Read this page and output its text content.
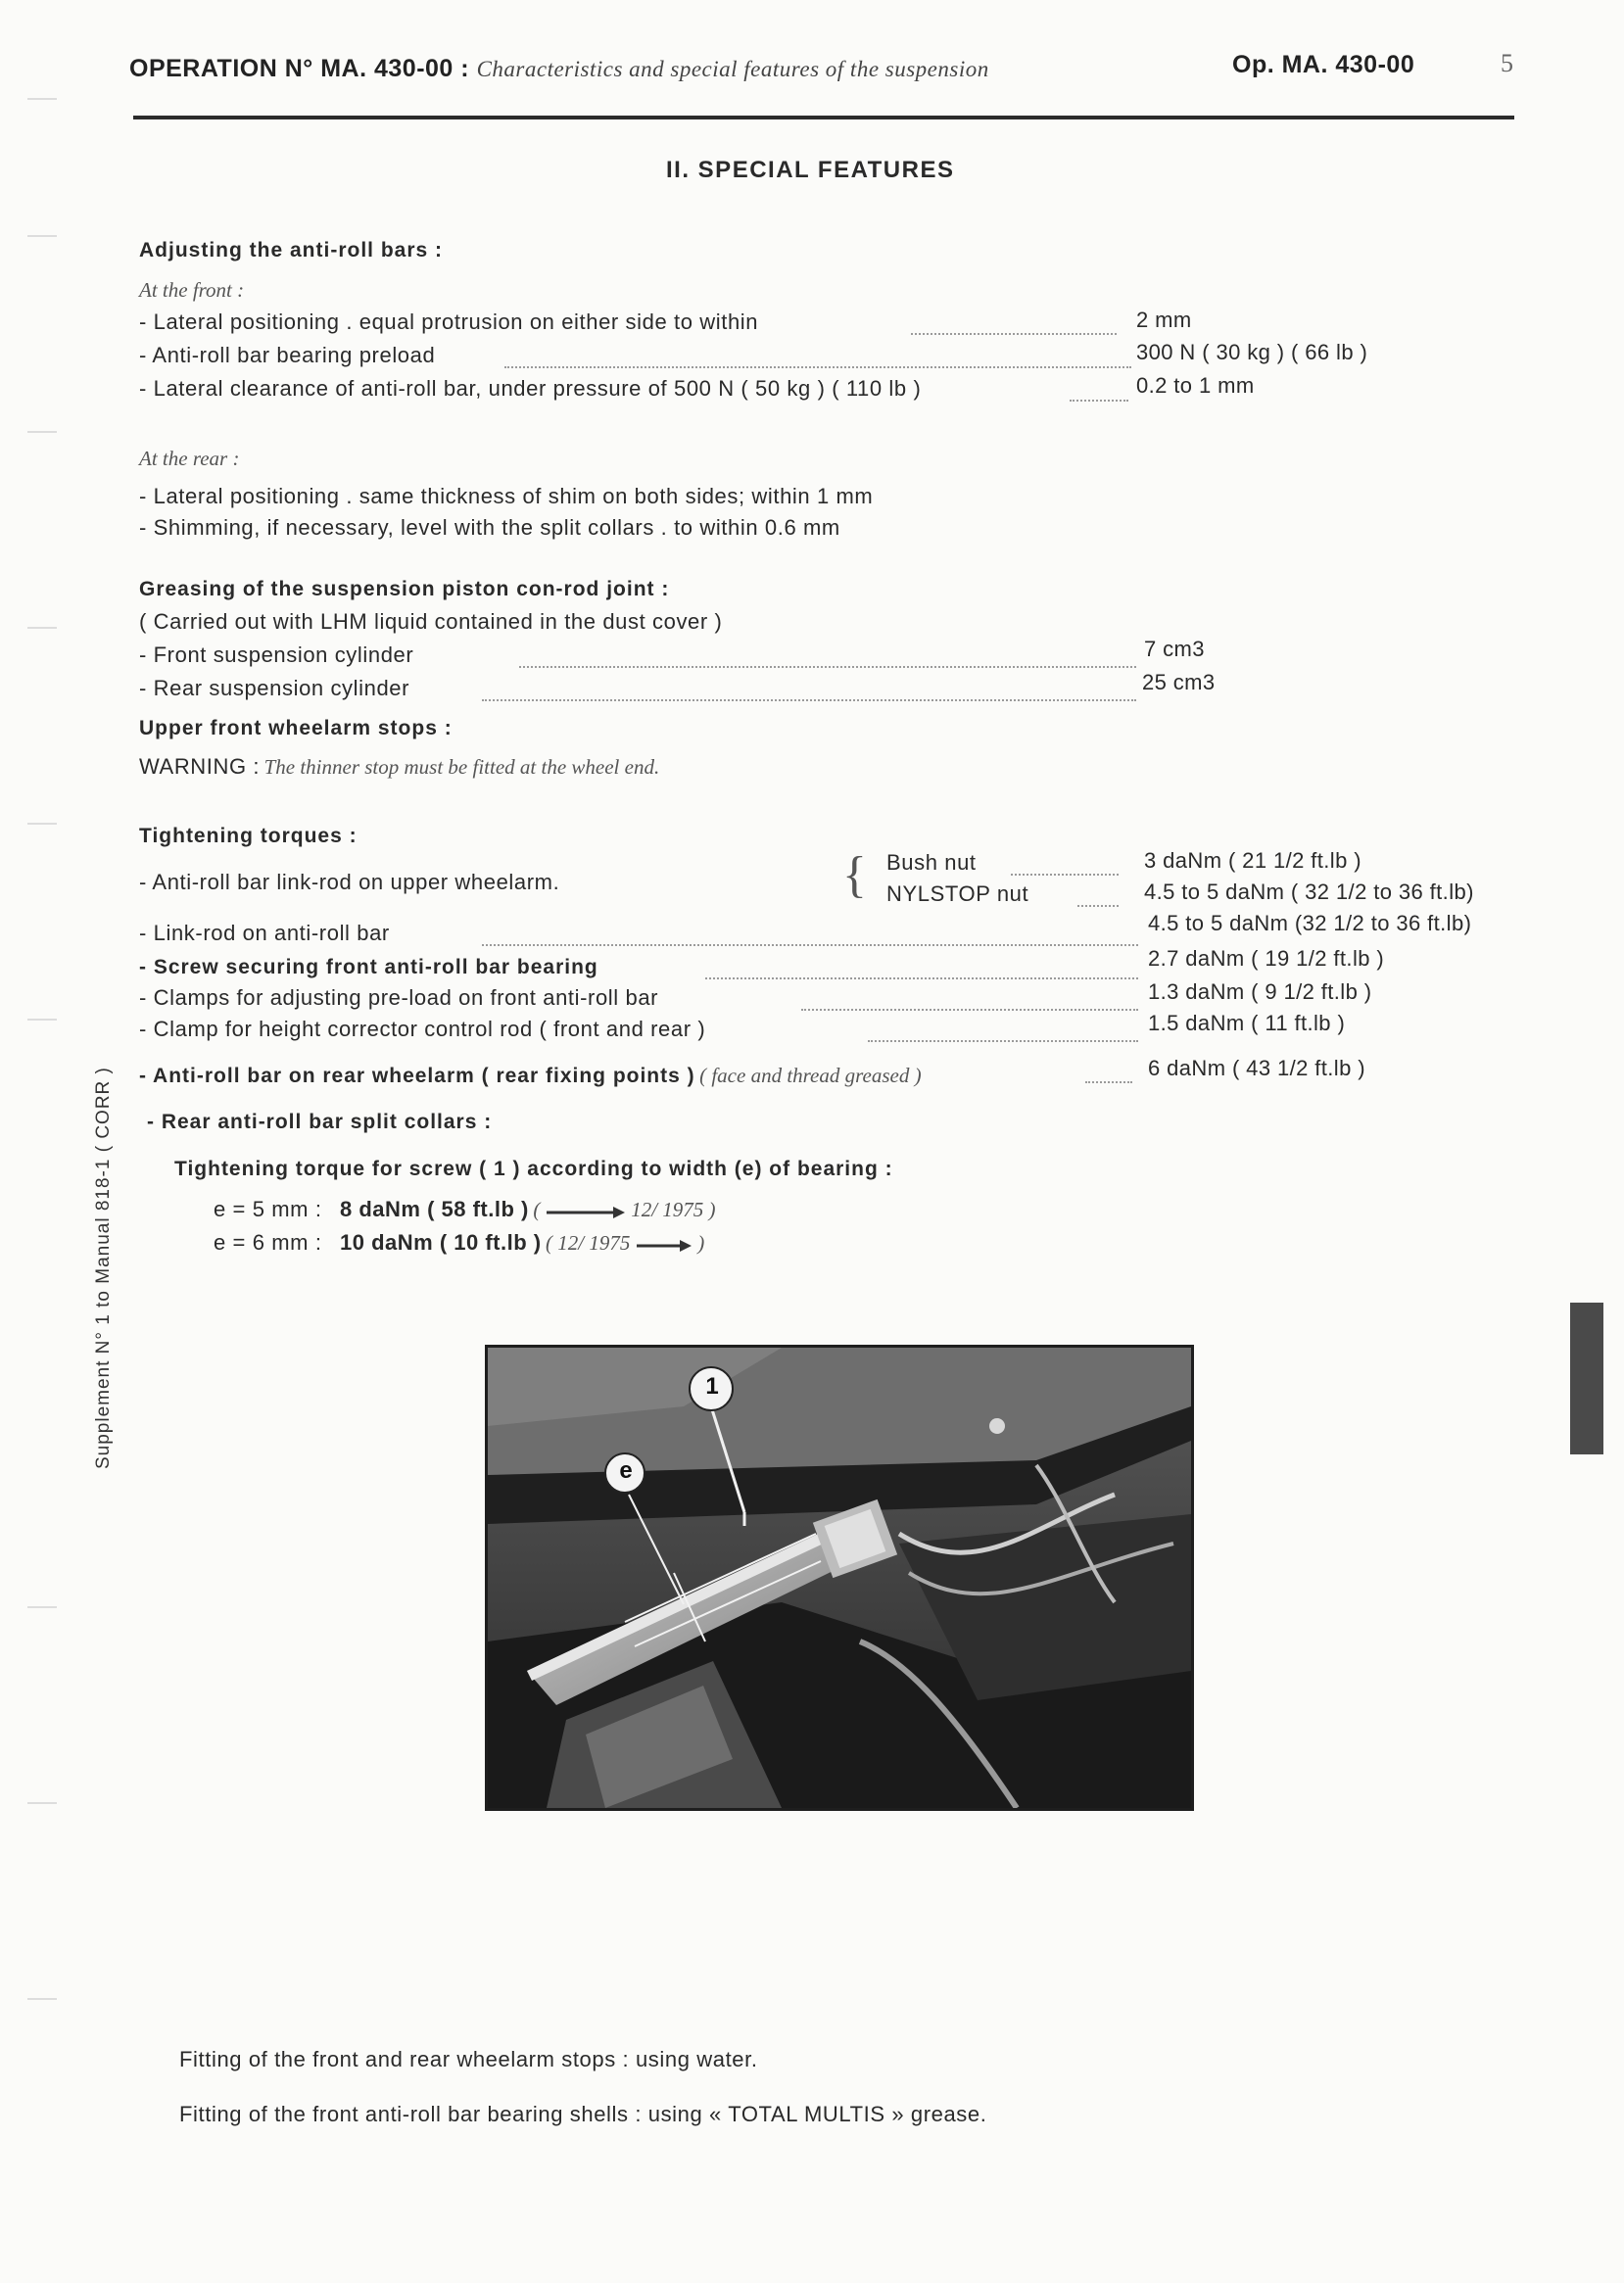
OPERATION N° MA. 430-00 : Characteristics and special features of the suspension	Op. MA. 430-00	5
II. SPECIAL FEATURES
Adjusting the anti-roll bars :
At the front :
- Lateral positioning . equal protrusion on either side to within	2 mm
- Anti-roll bar bearing preload	300 N ( 30 kg ) ( 66 lb )
- Lateral clearance of anti-roll bar, under pressure of 500 N ( 50 kg ) ( 110 lb )	0.2 to 1 mm
At the rear :
- Lateral positioning . same thickness of shim on both sides; within 1 mm
- Shimming, if necessary, level with the split collars . to within 0.6 mm
Greasing of the suspension piston con-rod joint :
( Carried out with LHM liquid contained in the dust cover )
- Front suspension cylinder	7 cm3
- Rear suspension cylinder	25 cm3
Upper front wheelarm stops :
WARNING : The thinner stop must be fitted at the wheel end.
Tightening torques :
- Anti-roll bar link-rod on upper wheelarm.	{ Bush nut	3 daNm ( 21 1/2 ft.lb )
NYLSTOP nut	4.5 to 5 daNm ( 32 1/2 to 36 ft.lb)
- Link-rod on anti-roll bar	4.5 to 5 daNm (32 1/2 to 36 ft.lb)
- Screw securing front anti-roll bar bearing	2.7 daNm ( 19 1/2 ft.lb )
- Clamps for adjusting pre-load on front anti-roll bar	1.3 daNm ( 9 1/2 ft.lb )
- Clamp for height corrector control rod ( front and rear )	1.5 daNm ( 11 ft.lb )
- Anti-roll bar on rear wheelarm ( rear fixing points ) ( face and thread greased )	6 daNm ( 43 1/2 ft.lb )
- Rear anti-roll bar split collars :
Tightening torque for screw ( 1 ) according to width (e) of bearing :
e = 5 mm : 8 daNm ( 58 ft.lb ) (	12/ 1975 )
e = 6 mm : 10 daNm ( 10 ft.lb ) ( 12/ 1975	)
Supplement N° 1 to Manual 818-1 ( CORR )	1
e
Fitting of the front and rear wheelarm stops : using water.
Fitting of the front anti-roll bar bearing shells : using « TOTAL MULTIS » grease.
